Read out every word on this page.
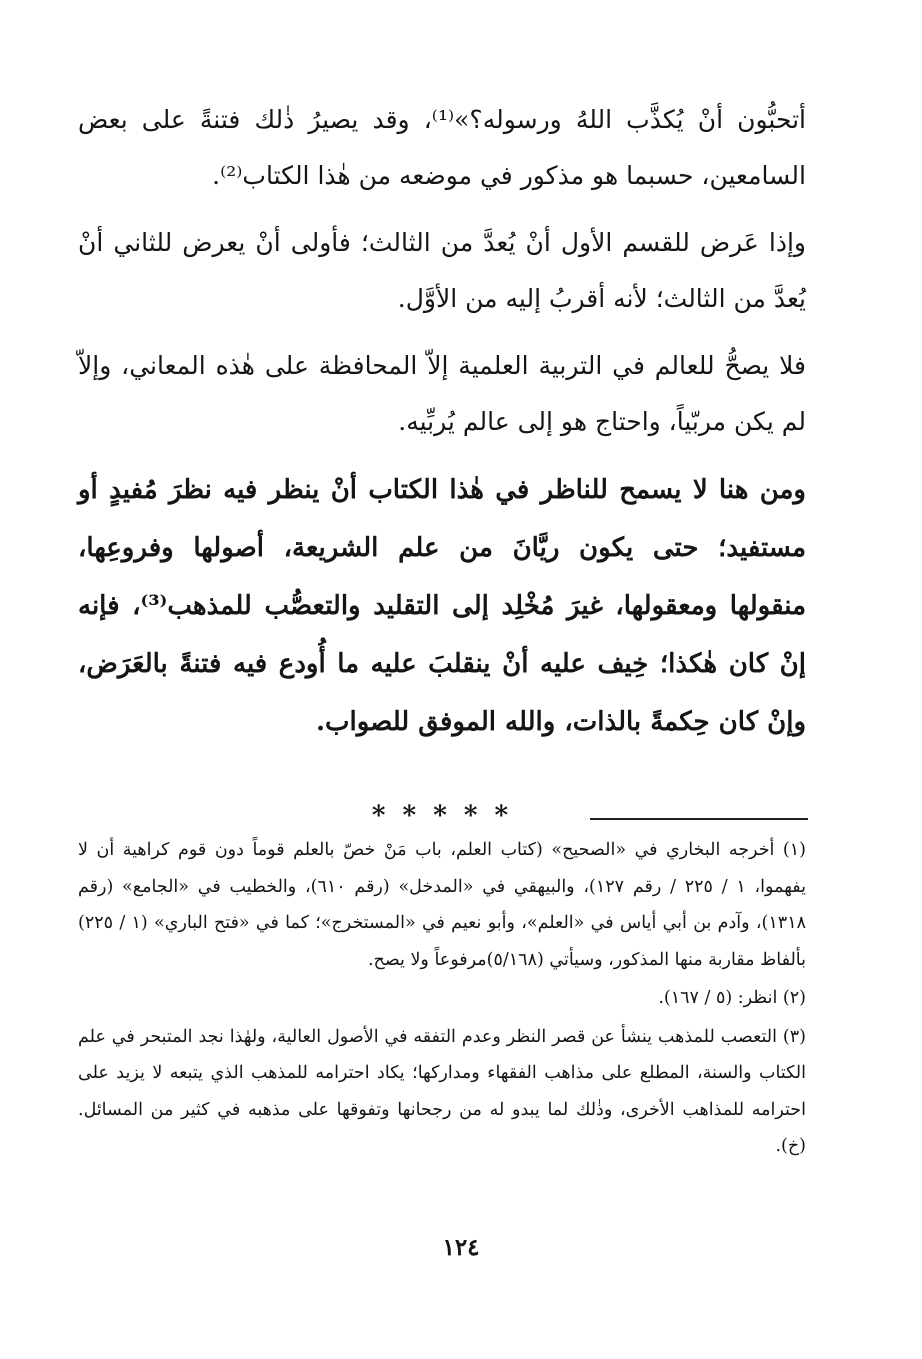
أتحبُّون أنْ يُكذَّب اللهُ ورسوله؟»⁽¹⁾، وقد يصيرُ ذٰلك فتنةً على بعض السامعين، حسبما هو مذكور في موضعه من هٰذا الكتاب⁽²⁾.

وإذا عَرض للقسم الأول أنْ يُعدَّ من الثالث؛ فأولى أنْ يعرض للثاني أنْ يُعدَّ من الثالث؛ لأنه أقربُ إليه من الأوَّل.

فلا يصحُّ للعالم في التربية العلمية إلاّ المحافظة على هٰذه المعاني، وإلاّ لم يكن مربّياً، واحتاج هو إلى عالم يُربِّيه.

ومن هنا لا يسمح للناظر في هٰذا الكتاب أنْ ينظر فيه نظرَ مُفيدٍ أو مستفيد؛ حتى يكون ريَّانَ من علم الشريعة، أصولها وفروعِها، منقولها ومعقولها، غيرَ مُخْلِد إلى التقليد والتعصُّب للمذهب⁽³⁾، فإنه إنْ كان هٰكذا؛ خِيف عليه أنْ ينقلبَ عليه ما أُودع فيه فتنةً بالعَرَض، وإنْ كان حِكمةً بالذات، والله الموفق للصواب.

* * * * *

(١) أخرجه البخاري في «الصحيح» (كتاب العلم، باب مَنْ خصّ بالعلم قوماً دون قوم كراهية أن لا يفهموا، ١ / ٢٢٥ / رقم ١٢٧)، والبيهقي في «المدخل» (رقم ٦١٠)، والخطيب في «الجامع» (رقم ١٣١٨)، وآدم بن أبي أياس في «العلم»، وأبو نعيم في «المستخرج»؛ كما في «فتح الباري» (١ / ٢٢٥) بألفاظ مقاربة منها المذكور، وسيأتي (٥/١٦٨)مرفوعاً ولا يصح.

(٢) انظر: (٥ / ١٦٧).

(٣) التعصب للمذهب ينشأ عن قصر النظر وعدم التفقه في الأصول العالية، ولهٰذا نجد المتبحر في علم الكتاب والسنة، المطلع على مذاهب الفقهاء ومداركها؛ يكاد احترامه للمذهب الذي يتبعه لا يزيد على احترامه للمذاهب الأخرى، وذٰلك لما يبدو له من رجحانها وتفوقها على مذهبه في كثير من المسائل. (خ).

١٢٤
